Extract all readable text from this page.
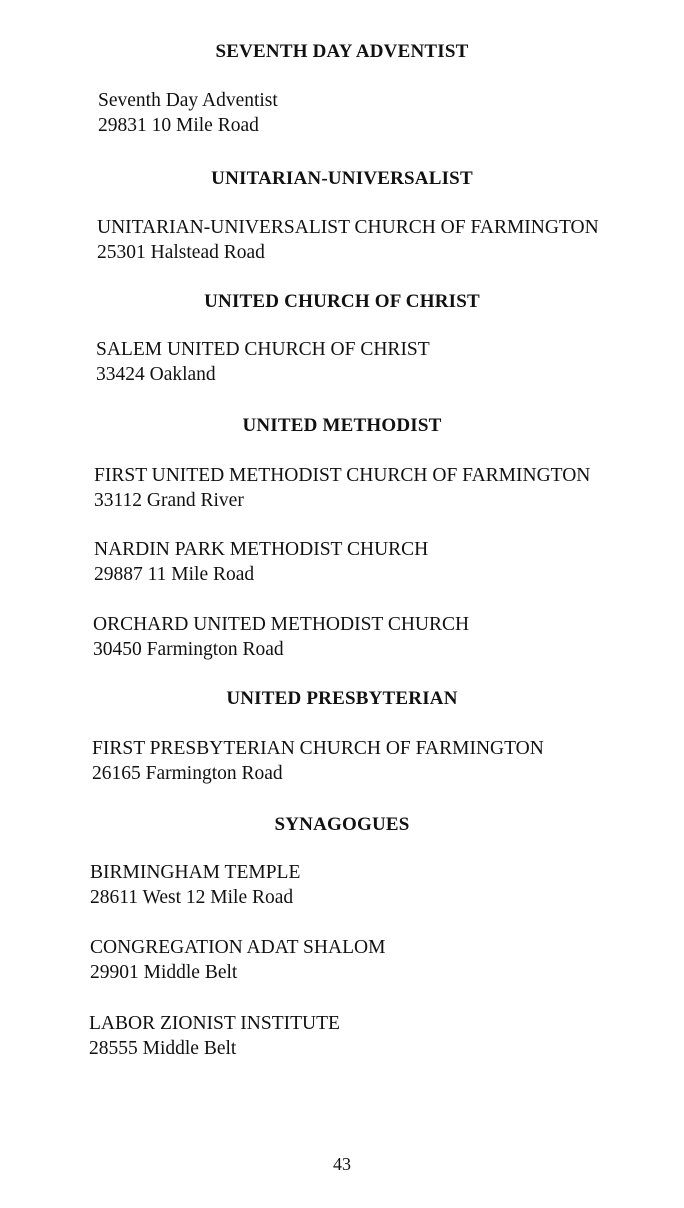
SEVENTH DAY ADVENTIST
Seventh Day Adventist
29831 10 Mile Road
UNITARIAN-UNIVERSALIST
UNITARIAN-UNIVERSALIST CHURCH OF FARMINGTON
25301 Halstead Road
UNITED CHURCH OF CHRIST
SALEM UNITED CHURCH OF CHRIST
33424 Oakland
UNITED METHODIST
FIRST UNITED METHODIST CHURCH OF FARMINGTON
33112 Grand River
NARDIN PARK METHODIST CHURCH
29887 11 Mile Road
ORCHARD UNITED METHODIST CHURCH
30450 Farmington Road
UNITED PRESBYTERIAN
FIRST PRESBYTERIAN CHURCH OF FARMINGTON
26165 Farmington Road
SYNAGOGUES
BIRMINGHAM TEMPLE
28611 West 12 Mile Road
CONGREGATION ADAT SHALOM
29901 Middle Belt
LABOR ZIONIST INSTITUTE
28555 Middle Belt
43
